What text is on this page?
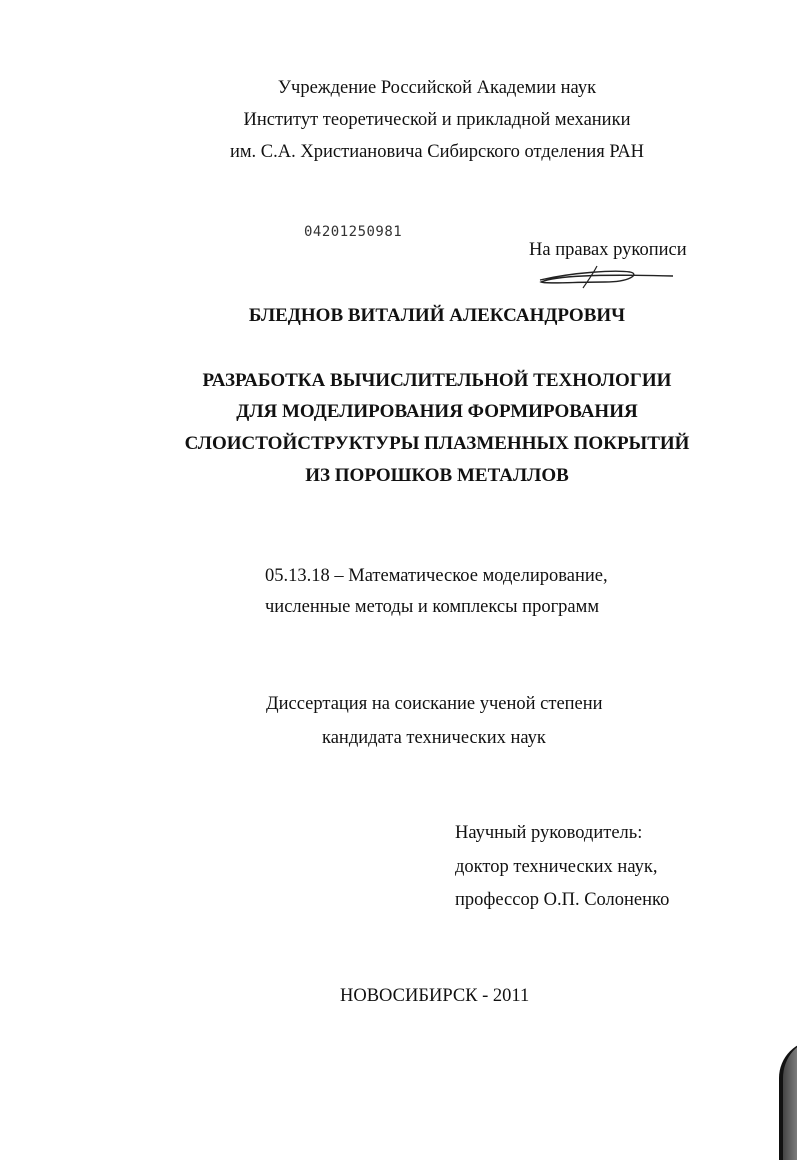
Учреждение Российской Академии наук
Институт теоретической и прикладной механики
им. С.А. Христиановича Сибирского отделения РАН
04201250981
На правах рукописи
БЛЕДНОВ ВИТАЛИЙ АЛЕКСАНДРОВИЧ
РАЗРАБОТКА ВЫЧИСЛИТЕЛЬНОЙ ТЕХНОЛОГИИ
ДЛЯ МОДЕЛИРОВАНИЯ ФОРМИРОВАНИЯ
СЛОИСТОЙСТРУКТУРЫ ПЛАЗМЕННЫХ ПОКРЫТИЙ
ИЗ ПОРОШКОВ МЕТАЛЛОВ
05.13.18 – Математическое моделирование,
численные методы и комплексы программ
Диссертация на соискание ученой степени
кандидата технических наук
Научный руководитель:
доктор технических наук,
профессор О.П. Солоненко
НОВОСИБИРСК - 2011
